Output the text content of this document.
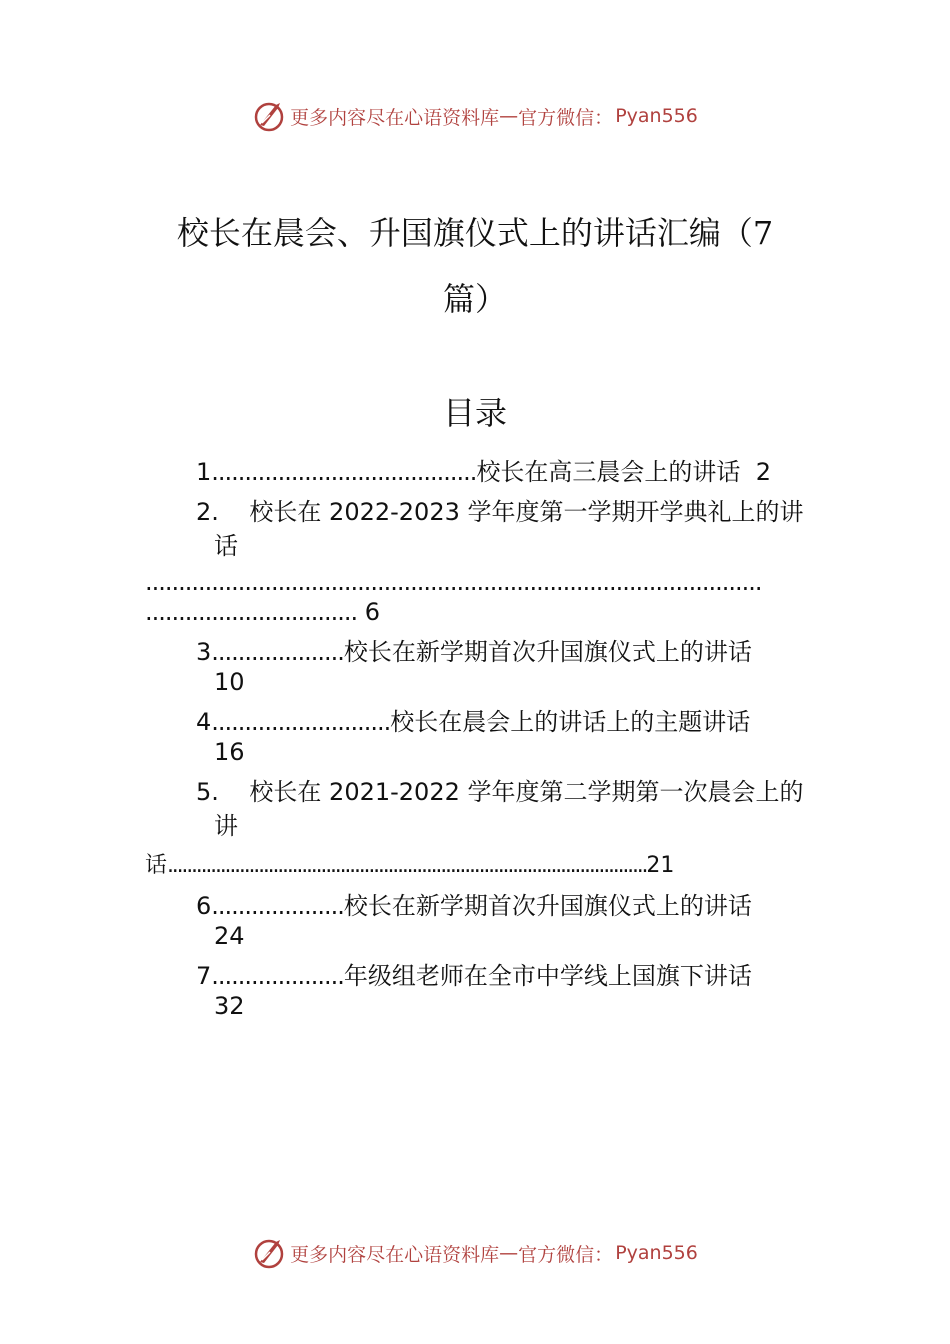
更多内容尽在心语资料库 — 官方微信： Pyan556
校长在晨会、升国旗仪式上的讲话汇编（7
篇）
目录
1........................................校长在高三晨会上的讲话 2
2. 校长在 2022-2023 学年度第一学期开学典礼上的讲
话
.............................................................................................
................................ 6
3....................校长在新学期首次升国旗仪式上的讲话
10
4...........................校长在晨会上的讲话上的主题讲话
16
5. 校长在 2021-2022 学年度第二学期第一次晨会上的
讲
话....................................................................................................21
6....................校长在新学期首次升国旗仪式上的讲话
24
7....................年级组老师在全市中学线上国旗下讲话
32
更多内容尽在心语资料库 — 官方微信： Pyan556
